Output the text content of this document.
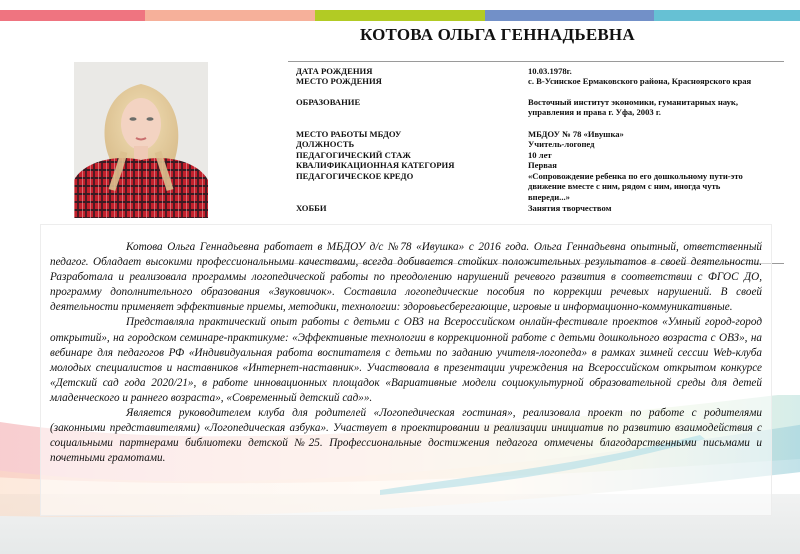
КОТОВА ОЛЬГА ГЕННАДЬЕВНА
ДАТА РОЖДЕНИЯ	10.03.1978г.
МЕСТО РОЖДЕНИЯ	с. В-Усинское Ермаковского района, Красноярского края
ОБРАЗОВАНИЕ	Восточный институт экономики, гуманитарных наук, управления и права г. Уфа, 2003 г.
МЕСТО РАБОТЫ МБДОУ	МБДОУ № 78 «Ивушка»
ДОЛЖНОСТЬ	Учитель-логопед
ПЕДАГОГИЧЕСКИЙ СТАЖ	10 лет
КВАЛИФИКАЦИОННАЯ КАТЕГОРИЯ	Первая
ПЕДАГОГИЧЕСКОЕ КРЕДО	«Сопровождение ребенка по его дошкольному пути-это движение вместе с ним, рядом с ним, иногда чуть впереди...»
ХОББИ	Занятия творчеством

Котова Ольга Геннадьевна работает в МБДОУ д/с №78 «Ивушка» с 2016 года. Ольга Геннадьевна опытный, ответственный педагог. Обладает высокими профессиональными качествами, всегда добивается стойких положительных результатов в своей деятельности. Разработала и реализовала программы логопедической работы по преодолению нарушений речевого развития в соответствии с ФГОС ДО, программу дополнительного образования «Звуковичок». Составила логопедические пособия по коррекции речевых нарушений. В своей деятельности применяет эффективные приемы, методики, технологии: здоровьесберегающие, игровые и информационно-коммуникативные.

Представляла практический опыт работы с детьми с ОВЗ на Всероссийском онлайн-фестивале проектов «Умный город-город открытий», на городском семинаре-практикуме: «Эффективные технологии в коррекционной работе с детьми дошкольного возраста с ОВЗ», на вебинаре для педагогов РФ «Индивидуальная работа воспитателя с детьми по заданию учителя-логопеда» в рамках зимней сессии Web-клуба молодых специалистов и наставников «Интернет-наставник». Участвовала в презентации учреждения на Всероссийском открытом конкурсе «Детский сад года 2020/21», в работе инновационных площадок «Вариативные модели социокультурной образовательной среды для детей младенческого и раннего возраста», «Современный детский сад»».

Является руководителем клуба для родителей «Логопедическая гостиная», реализовала проект по работе с родителями (законными представителями) «Логопедическая азбука». Участвует в проектировании и реализации инициатив по развитию взаимодействия с социальными партнерами библиотеки детской №25. Профессиональные достижения педагога отмечены благодарственными письмами и почетными грамотами.
